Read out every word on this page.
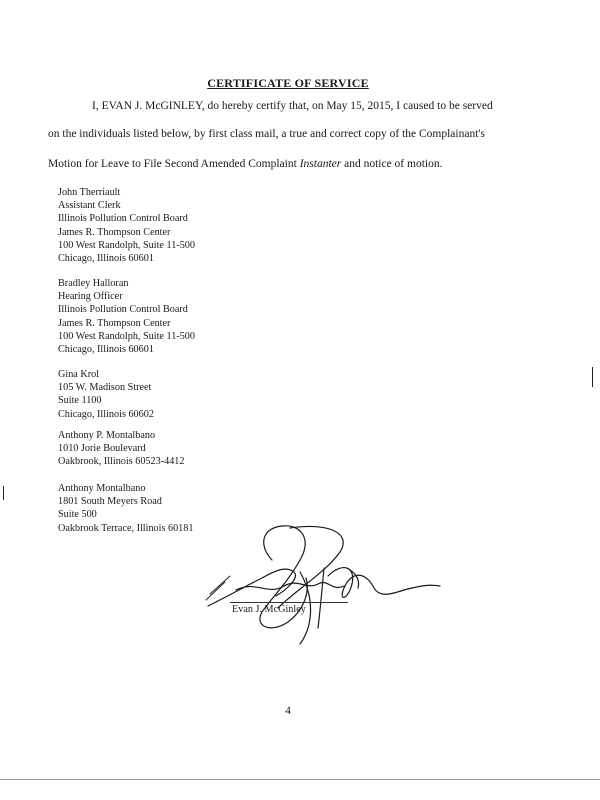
CERTIFICATE OF SERVICE
I, EVAN J. McGINLEY, do hereby certify that, on May 15, 2015, I caused to be served
on the individuals listed below, by first class mail, a true and correct copy of the Complainant's
Motion for Leave to File Second Amended Complaint Instanter and notice of motion.
John Therriault
Assistant Clerk
Illinois Pollution Control Board
James R. Thompson Center
100 West Randolph, Suite 11-500
Chicago, Illinois 60601
Bradley Halloran
Hearing Officer
Illinois Pollution Control Board
James R. Thompson Center
100 West Randolph, Suite 11-500
Chicago, Illinois 60601
Gina Krol
105 W. Madison Street
Suite 1100
Chicago, Illinois 60602
Anthony P. Montalbano
1010 Jorie Boulevard
Oakbrook, Illinois 60523-4412
Anthony Montalbano
1801 South Meyers Road
Suite 500
Oakbrook Terrace, Illinois 60181
Evan J. McGinley
4
